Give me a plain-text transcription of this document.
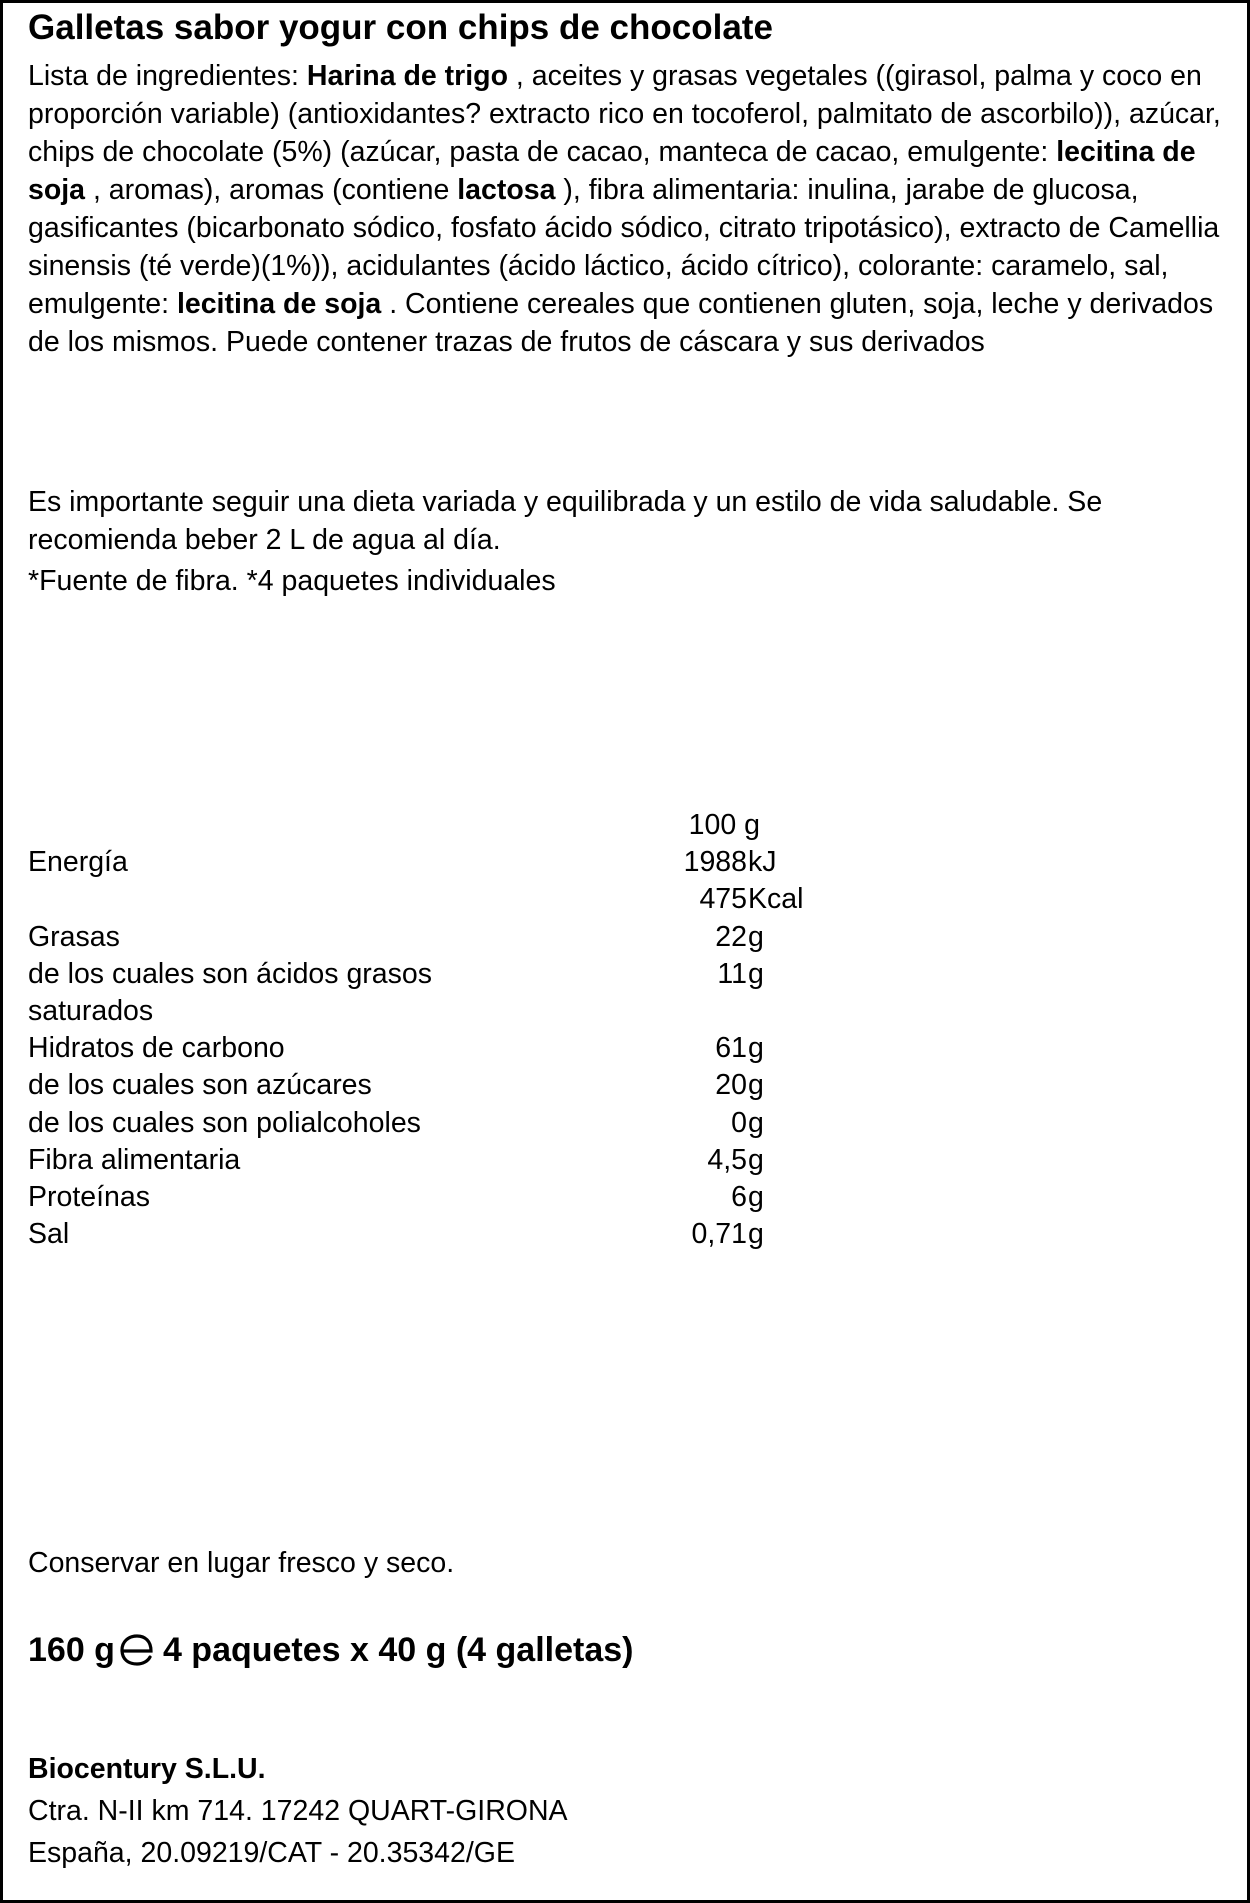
Galletas sabor yogur con chips de chocolate
Lista de ingredientes: Harina de trigo , aceites y grasas vegetales ((girasol, palma y coco en proporción variable) (antioxidantes? extracto rico en tocoferol, palmitato de ascorbilo)), azúcar, chips de chocolate (5%) (azúcar, pasta de cacao, manteca de cacao, emulgente: lecitina de soja , aromas), aromas (contiene lactosa ), fibra alimentaria: inulina, jarabe de glucosa, gasificantes (bicarbonato sódico, fosfato ácido sódico, citrato tripotásico), extracto de Camellia sinensis (té verde)(1%)), acidulantes (ácido láctico, ácido cítrico), colorante: caramelo, sal, emulgente: lecitina de soja . Contiene cereales que contienen gluten, soja, leche y derivados de los mismos. Puede contener trazas de frutos de cáscara y sus derivados
Es importante seguir una dieta variada y equilibrada y un estilo de vida saludable. Se recomienda beber 2 L de agua al día.
*Fuente de fibra. *4 paquetes individuales
100 g
Energía	1988 kJ
475 Kcal
Grasas	22 g
de los cuales son ácidos grasos	11 g
saturados
Hidratos de carbono	61 g
de los cuales son azúcares	20 g
de los cuales son polialcoholes	0 g
Fibra alimentaria	4,5 g
Proteínas	6 g
Sal	0,71 g
Conservar en lugar fresco y seco.
160 g 4 paquetes x 40 g (4 galletas)
Biocentury S.L.U.
Ctra. N-II km 714. 17242 QUART-GIRONA
España, 20.09219/CAT - 20.35342/GE
